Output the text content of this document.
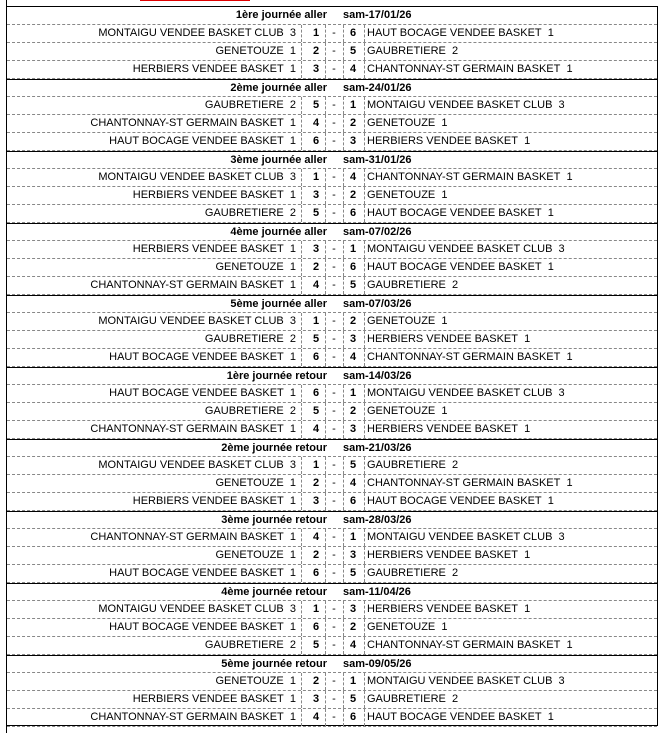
1ère journée aller	sam-17/01/26
MONTAIGU VENDEE BASKET CLUB 3	1	-	6 HAUT BOCAGE VENDEE BASKET 1
GENETOUZE 1	2	-	5 GAUBRETIERE 2
HERBIERS VENDEE BASKET 1	3	-	4 CHANTONNAY-ST GERMAIN BASKET 1
2ème journée aller	sam-24/01/26
GAUBRETIERE 2	5	-	1 MONTAIGU VENDEE BASKET CLUB 3
CHANTONNAY-ST GERMAIN BASKET 1	4	-	2 GENETOUZE 1
HAUT BOCAGE VENDEE BASKET 1	6	-	3 HERBIERS VENDEE BASKET 1
3ème journée aller	sam-31/01/26
MONTAIGU VENDEE BASKET CLUB 3	1	-	4 CHANTONNAY-ST GERMAIN BASKET 1
HERBIERS VENDEE BASKET 1	3	-	2 GENETOUZE 1
GAUBRETIERE 2	5	-	6 HAUT BOCAGE VENDEE BASKET 1
4ème journée aller	sam-07/02/26
HERBIERS VENDEE BASKET 1	3	-	1 MONTAIGU VENDEE BASKET CLUB 3
GENETOUZE 1	2	-	6 HAUT BOCAGE VENDEE BASKET 1
CHANTONNAY-ST GERMAIN BASKET 1	4	-	5 GAUBRETIERE 2
5ème journée aller	sam-07/03/26
MONTAIGU VENDEE BASKET CLUB 3	1	-	2 GENETOUZE 1
GAUBRETIERE 2	5	-	3 HERBIERS VENDEE BASKET 1
HAUT BOCAGE VENDEE BASKET 1	6	-	4 CHANTONNAY-ST GERMAIN BASKET 1
1ère journée retour	sam-14/03/26
HAUT BOCAGE VENDEE BASKET 1	6	-	1 MONTAIGU VENDEE BASKET CLUB 3
GAUBRETIERE 2	5	-	2 GENETOUZE 1
CHANTONNAY-ST GERMAIN BASKET 1	4	-	3 HERBIERS VENDEE BASKET 1
2ème journée retour	sam-21/03/26
MONTAIGU VENDEE BASKET CLUB 3	1	-	5 GAUBRETIERE 2
GENETOUZE 1	2	-	4 CHANTONNAY-ST GERMAIN BASKET 1
HERBIERS VENDEE BASKET 1	3	-	6 HAUT BOCAGE VENDEE BASKET 1
3ème journée retour	sam-28/03/26
CHANTONNAY-ST GERMAIN BASKET 1	4	-	1 MONTAIGU VENDEE BASKET CLUB 3
GENETOUZE 1	2	-	3 HERBIERS VENDEE BASKET 1
HAUT BOCAGE VENDEE BASKET 1	6	-	5 GAUBRETIERE 2
4ème journée retour	sam-11/04/26
MONTAIGU VENDEE BASKET CLUB 3	1	-	3 HERBIERS VENDEE BASKET 1
HAUT BOCAGE VENDEE BASKET 1	6	-	2 GENETOUZE 1
GAUBRETIERE 2	5	-	4 CHANTONNAY-ST GERMAIN BASKET 1
5ème journée retour	sam-09/05/26
GENETOUZE 1	2	-	1 MONTAIGU VENDEE BASKET CLUB 3
HERBIERS VENDEE BASKET 1	3	-	5 GAUBRETIERE 2
CHANTONNAY-ST GERMAIN BASKET 1	4	-	6 HAUT BOCAGE VENDEE BASKET 1
